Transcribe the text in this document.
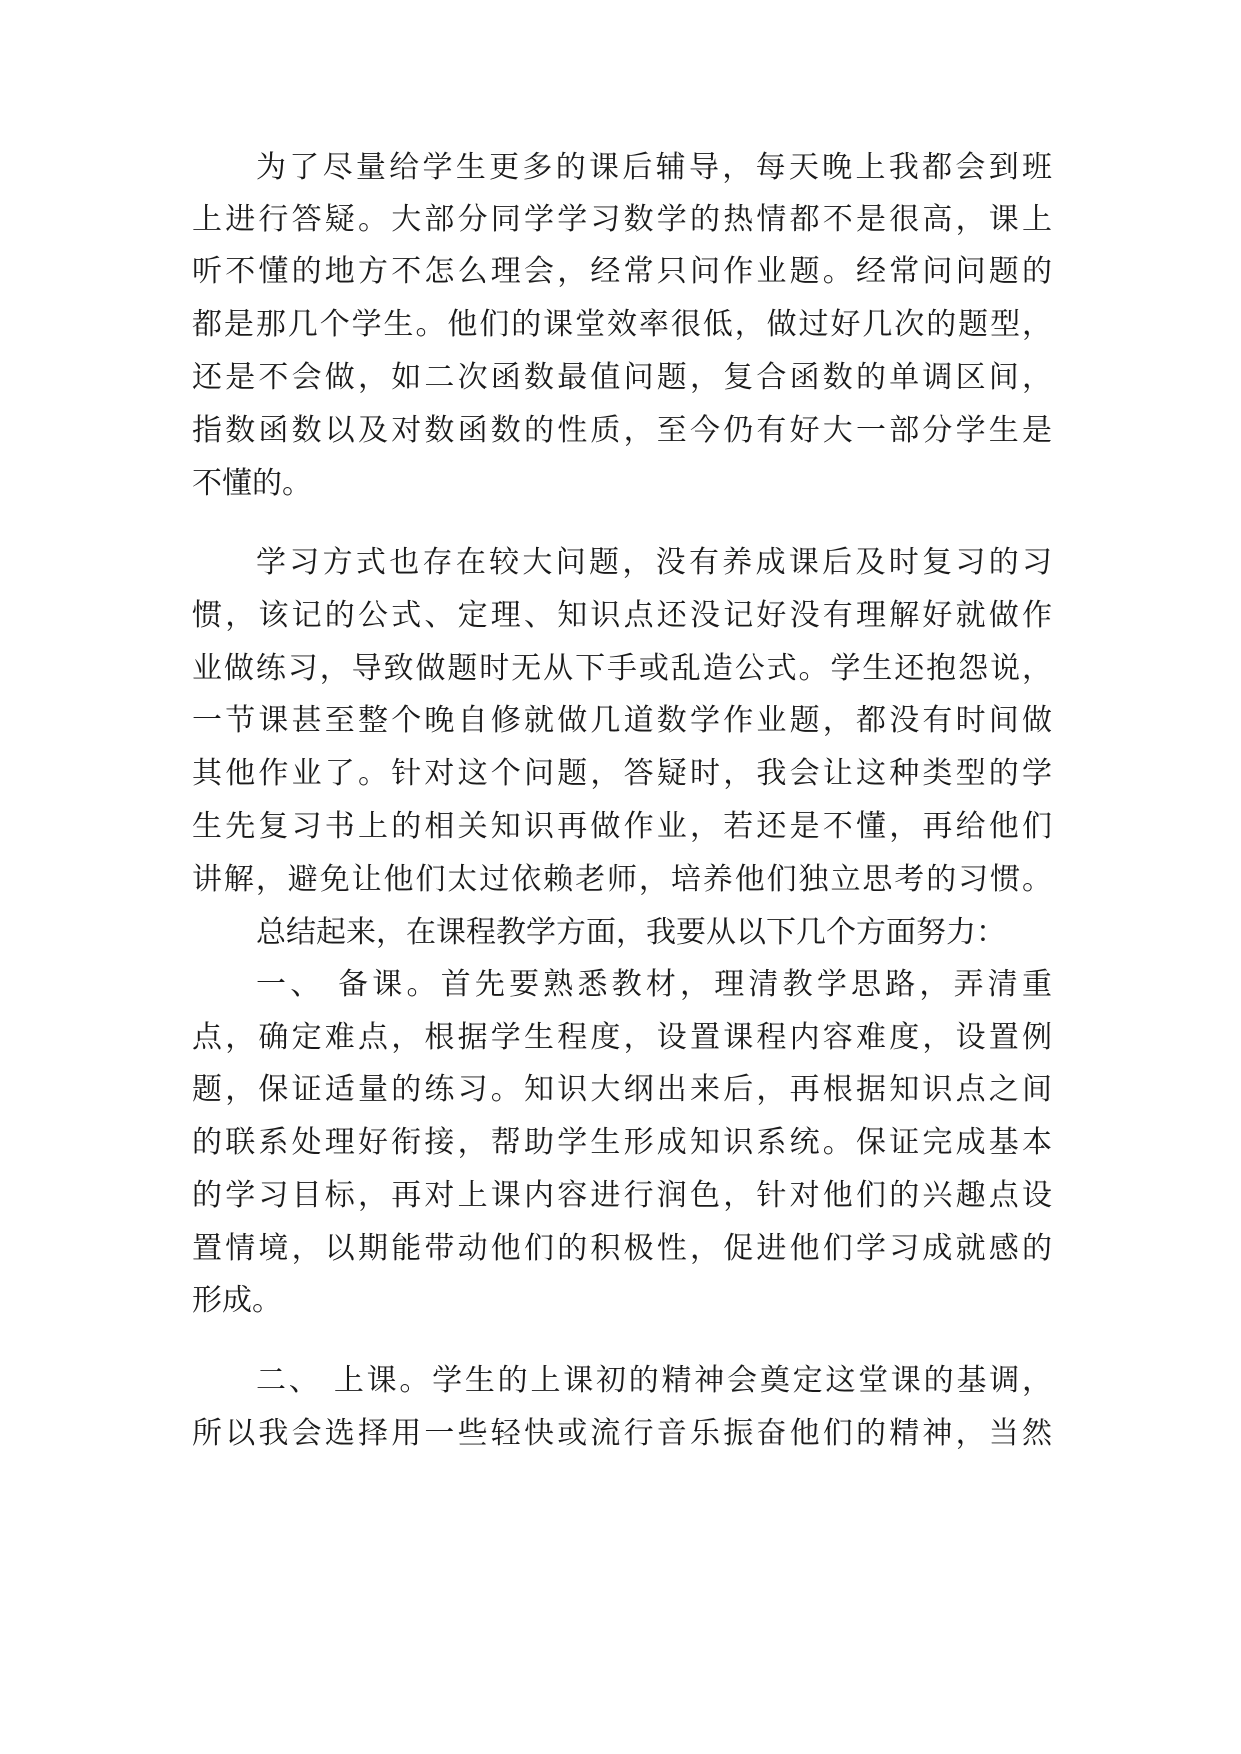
为了尽量给学生更多的课后辅导，每天晚上我都会到班
上进行答疑。大部分同学学习数学的热情都不是很高，课上
听不懂的地方不怎么理会，经常只问作业题。经常问问题的
都是那几个学生。他们的课堂效率很低，做过好几次的题型，
还是不会做，如二次函数最值问题，复合函数的单调区间，
指数函数以及对数函数的性质，至今仍有好大一部分学生是
不懂的。
学习方式也存在较大问题，没有养成课后及时复习的习
惯，该记的公式、定理、知识点还没记好没有理解好就做作
业做练习，导致做题时无从下手或乱造公式。学生还抱怨说，
一节课甚至整个晚自修就做几道数学作业题，都没有时间做
其他作业了。针对这个问题，答疑时，我会让这种类型的学
生先复习书上的相关知识再做作业，若还是不懂，再给他们
讲解，避免让他们太过依赖老师，培养他们独立思考的习惯。
总结起来，在课程教学方面，我要从以下几个方面努力：
一、 备课。首先要熟悉教材，理清教学思路，弄清重
点，确定难点，根据学生程度，设置课程内容难度，设置例
题，保证适量的练习。知识大纲出来后，再根据知识点之间
的联系处理好衔接，帮助学生形成知识系统。保证完成基本
的学习目标，再对上课内容进行润色，针对他们的兴趣点设
置情境，以期能带动他们的积极性，促进他们学习成就感的
形成。
二、 上课。学生的上课初的精神会奠定这堂课的基调，
所以我会选择用一些轻快或流行音乐振奋他们的精神，当然
